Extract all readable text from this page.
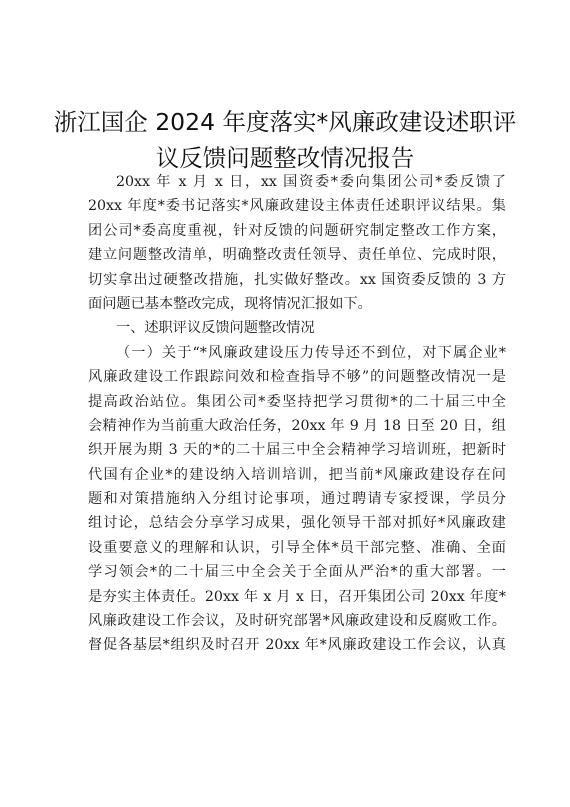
浙江国企 2024 年度落实*风廉政建设述职评
议反馈问题整改情况报告
20xx 年 x 月 x 日，xx 国资委*委向集团公司*委反馈了
20xx 年度*委书记落实*风廉政建设主体责任述职评议结果。集
团公司*委高度重视，针对反馈的问题研究制定整改工作方案，
建立问题整改清单，明确整改责任领导、责任单位、完成时限，
切实拿出过硬整改措施，扎实做好整改。xx 国资委反馈的 3 方
面问题已基本整改完成，现将情况汇报如下。
一、述职评议反馈问题整改情况
（一）关于“*风廉政建设压力传导还不到位，对下属企业*
风廉政建设工作跟踪问效和检查指导不够”的问题整改情况一是
提高政治站位。集团公司*委坚持把学习贯彻*的二十届三中全
会精神作为当前重大政治任务，20xx 年 9 月 18 日至 20 日，组
织开展为期 3 天的*的二十届三中全会精神学习培训班，把新时
代国有企业*的建设纳入培训培训，把当前*风廉政建设存在问
题和对策措施纳入分组讨论事项，通过聘请专家授课，学员分
组讨论，总结会分享学习成果，强化领导干部对抓好*风廉政建
设重要意义的理解和认识，引导全体*员干部完整、准确、全面
学习领会*的二十届三中全会关于全面从严治*的重大部署。一
是夯实主体责任。20xx 年 x 月 x 日，召开集团公司 20xx 年度*
风廉政建设工作会议，及时研究部署*风廉政建设和反腐败工作。
督促各基层*组织及时召开 20xx 年*风廉政建设工作会议，认真
